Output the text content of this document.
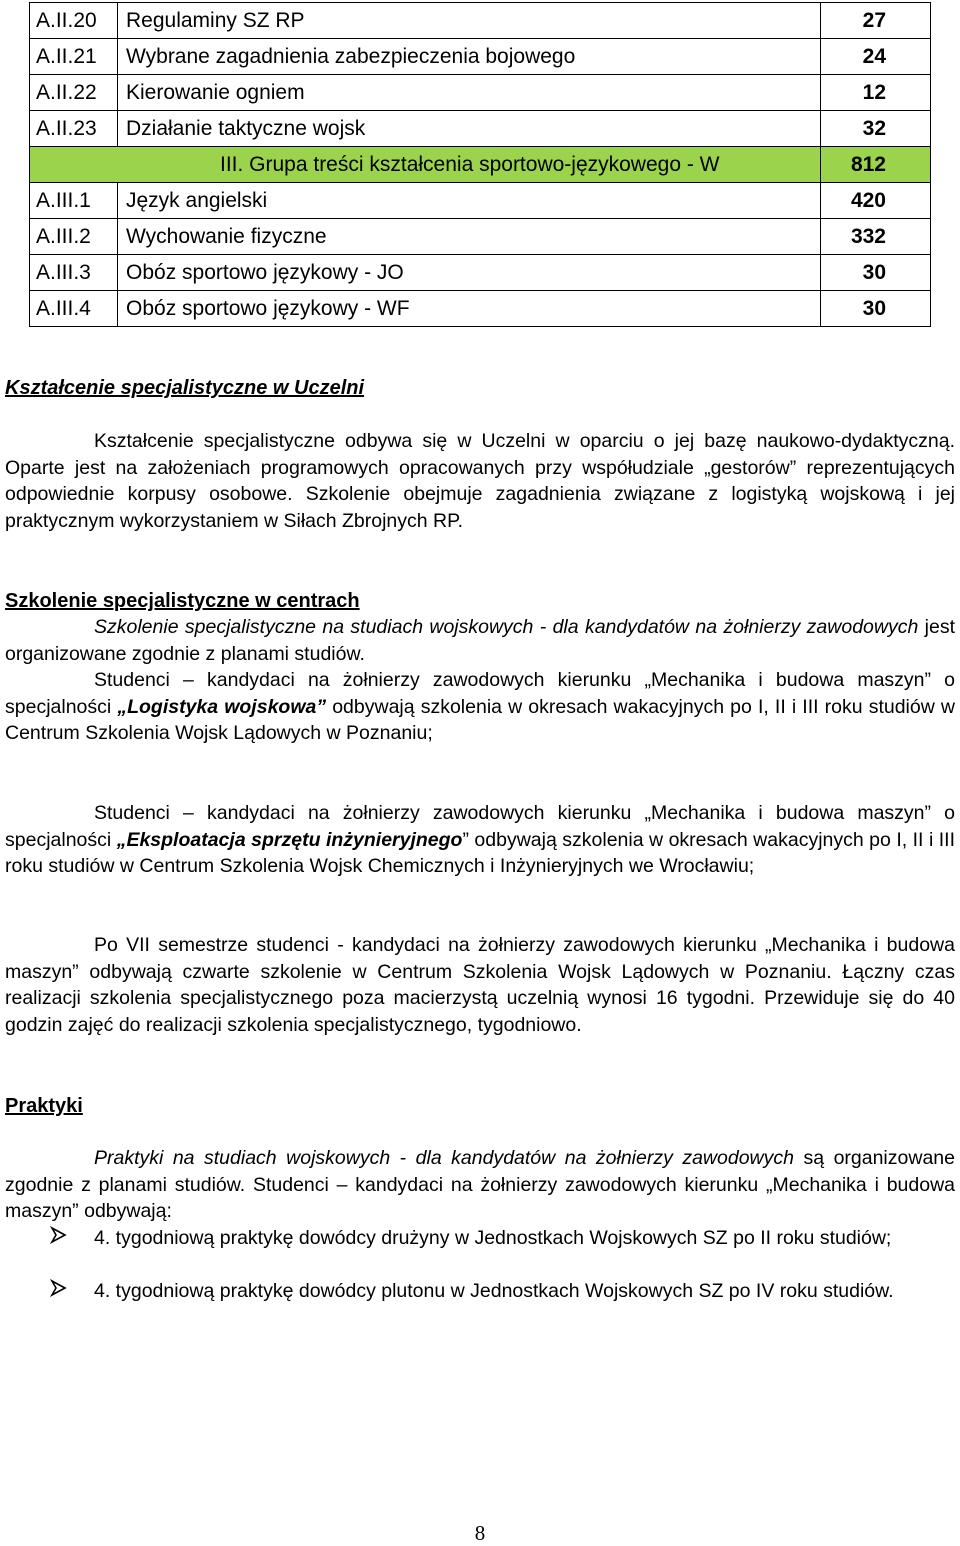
A.II.20	Regulaminy SZ RP	27
A.II.21	Wybrane zagadnienia zabezpieczenia bojowego	24
A.II.22	Kierowanie ogniem	12
A.II.23	Działanie taktyczne wojsk	32
	III. Grupa treści kształcenia sportowo-językowego - W	812
A.III.1	Język angielski	420
A.III.2	Wychowanie fizyczne	332
A.III.3	Obóz sportowo językowy - JO	30
A.III.4	Obóz sportowo językowy - WF	30
Kształcenie specjalistyczne w Uczelni
Kształcenie specjalistyczne odbywa się w Uczelni w oparciu o jej bazę naukowo-dydaktyczną. Oparte jest na założeniach programowych opracowanych przy współudziale „gestorów” reprezentujących odpowiednie korpusy osobowe. Szkolenie obejmuje zagadnienia związane z logistyką wojskową i jej praktycznym wykorzystaniem w Siłach Zbrojnych RP.
Szkolenie specjalistyczne w centrach
Szkolenie specjalistyczne na studiach wojskowych - dla kandydatów na żołnierzy zawodowych jest organizowane zgodnie z planami studiów.
Studenci – kandydaci na żołnierzy zawodowych kierunku „Mechanika i budowa maszyn” o specjalności „Logistyka wojskowa” odbywają szkolenia w okresach wakacyjnych po I, II i III roku studiów w Centrum Szkolenia Wojsk Lądowych w Poznaniu;
Studenci – kandydaci na żołnierzy zawodowych kierunku „Mechanika i budowa maszyn” o specjalności „Eksploatacja sprzętu inżynieryjnego” odbywają szkolenia w okresach wakacyjnych po I, II i III roku studiów w Centrum Szkolenia Wojsk Chemicznych i Inżynieryjnych we Wrocławiu;
Po VII semestrze studenci - kandydaci na żołnierzy zawodowych kierunku „Mechanika i budowa maszyn” odbywają czwarte szkolenie w Centrum Szkolenia Wojsk Lądowych w Poznaniu. Łączny czas realizacji szkolenia specjalistycznego poza macierzystą uczelnią wynosi 16 tygodni. Przewiduje się do 40 godzin zajęć do realizacji szkolenia specjalistycznego, tygodniowo.
Praktyki
Praktyki na studiach wojskowych - dla kandydatów na żołnierzy zawodowych są organizowane zgodnie z planami studiów. Studenci – kandydaci na żołnierzy zawodowych kierunku „Mechanika i budowa maszyn” odbywają:
4. tygodniową praktykę dowódcy drużyny w Jednostkach Wojskowych SZ po II roku studiów;
4. tygodniową praktykę dowódcy plutonu w Jednostkach Wojskowych SZ po IV roku studiów.
8
